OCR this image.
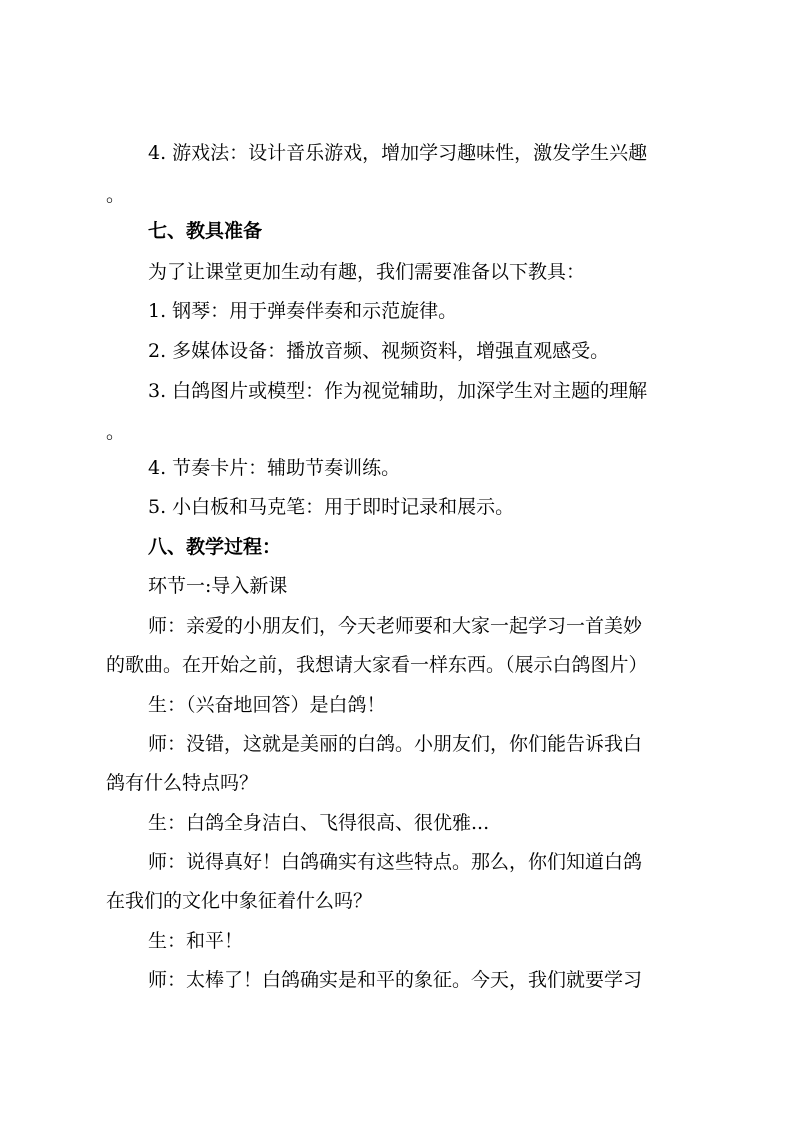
4. 游戏法：设计音乐游戏，增加学习趣味性，激发学生兴趣
。
七、教具准备
为了让课堂更加生动有趣，我们需要准备以下教具：
1. 钢琴：用于弹奏伴奏和示范旋律。
2. 多媒体设备：播放音频、视频资料，增强直观感受。
3. 白鸽图片或模型：作为视觉辅助，加深学生对主题的理解
。
4. 节奏卡片：辅助节奏训练。
5. 小白板和马克笔：用于即时记录和展示。
八、教学过程：
环节一:导入新课
师：亲爱的小朋友们，今天老师要和大家一起学习一首美妙
的歌曲。在开始之前，我想请大家看一样东西。（展示白鸽图片）
生：（兴奋地回答）是白鸽！
师：没错，这就是美丽的白鸽。小朋友们，你们能告诉我白
鸽有什么特点吗？
生：白鸽全身洁白、飞得很高、很优雅...
师：说得真好！白鸽确实有这些特点。那么，你们知道白鸽
在我们的文化中象征着什么吗？
生：和平！
师：太棒了！白鸽确实是和平的象征。今天，我们就要学习
